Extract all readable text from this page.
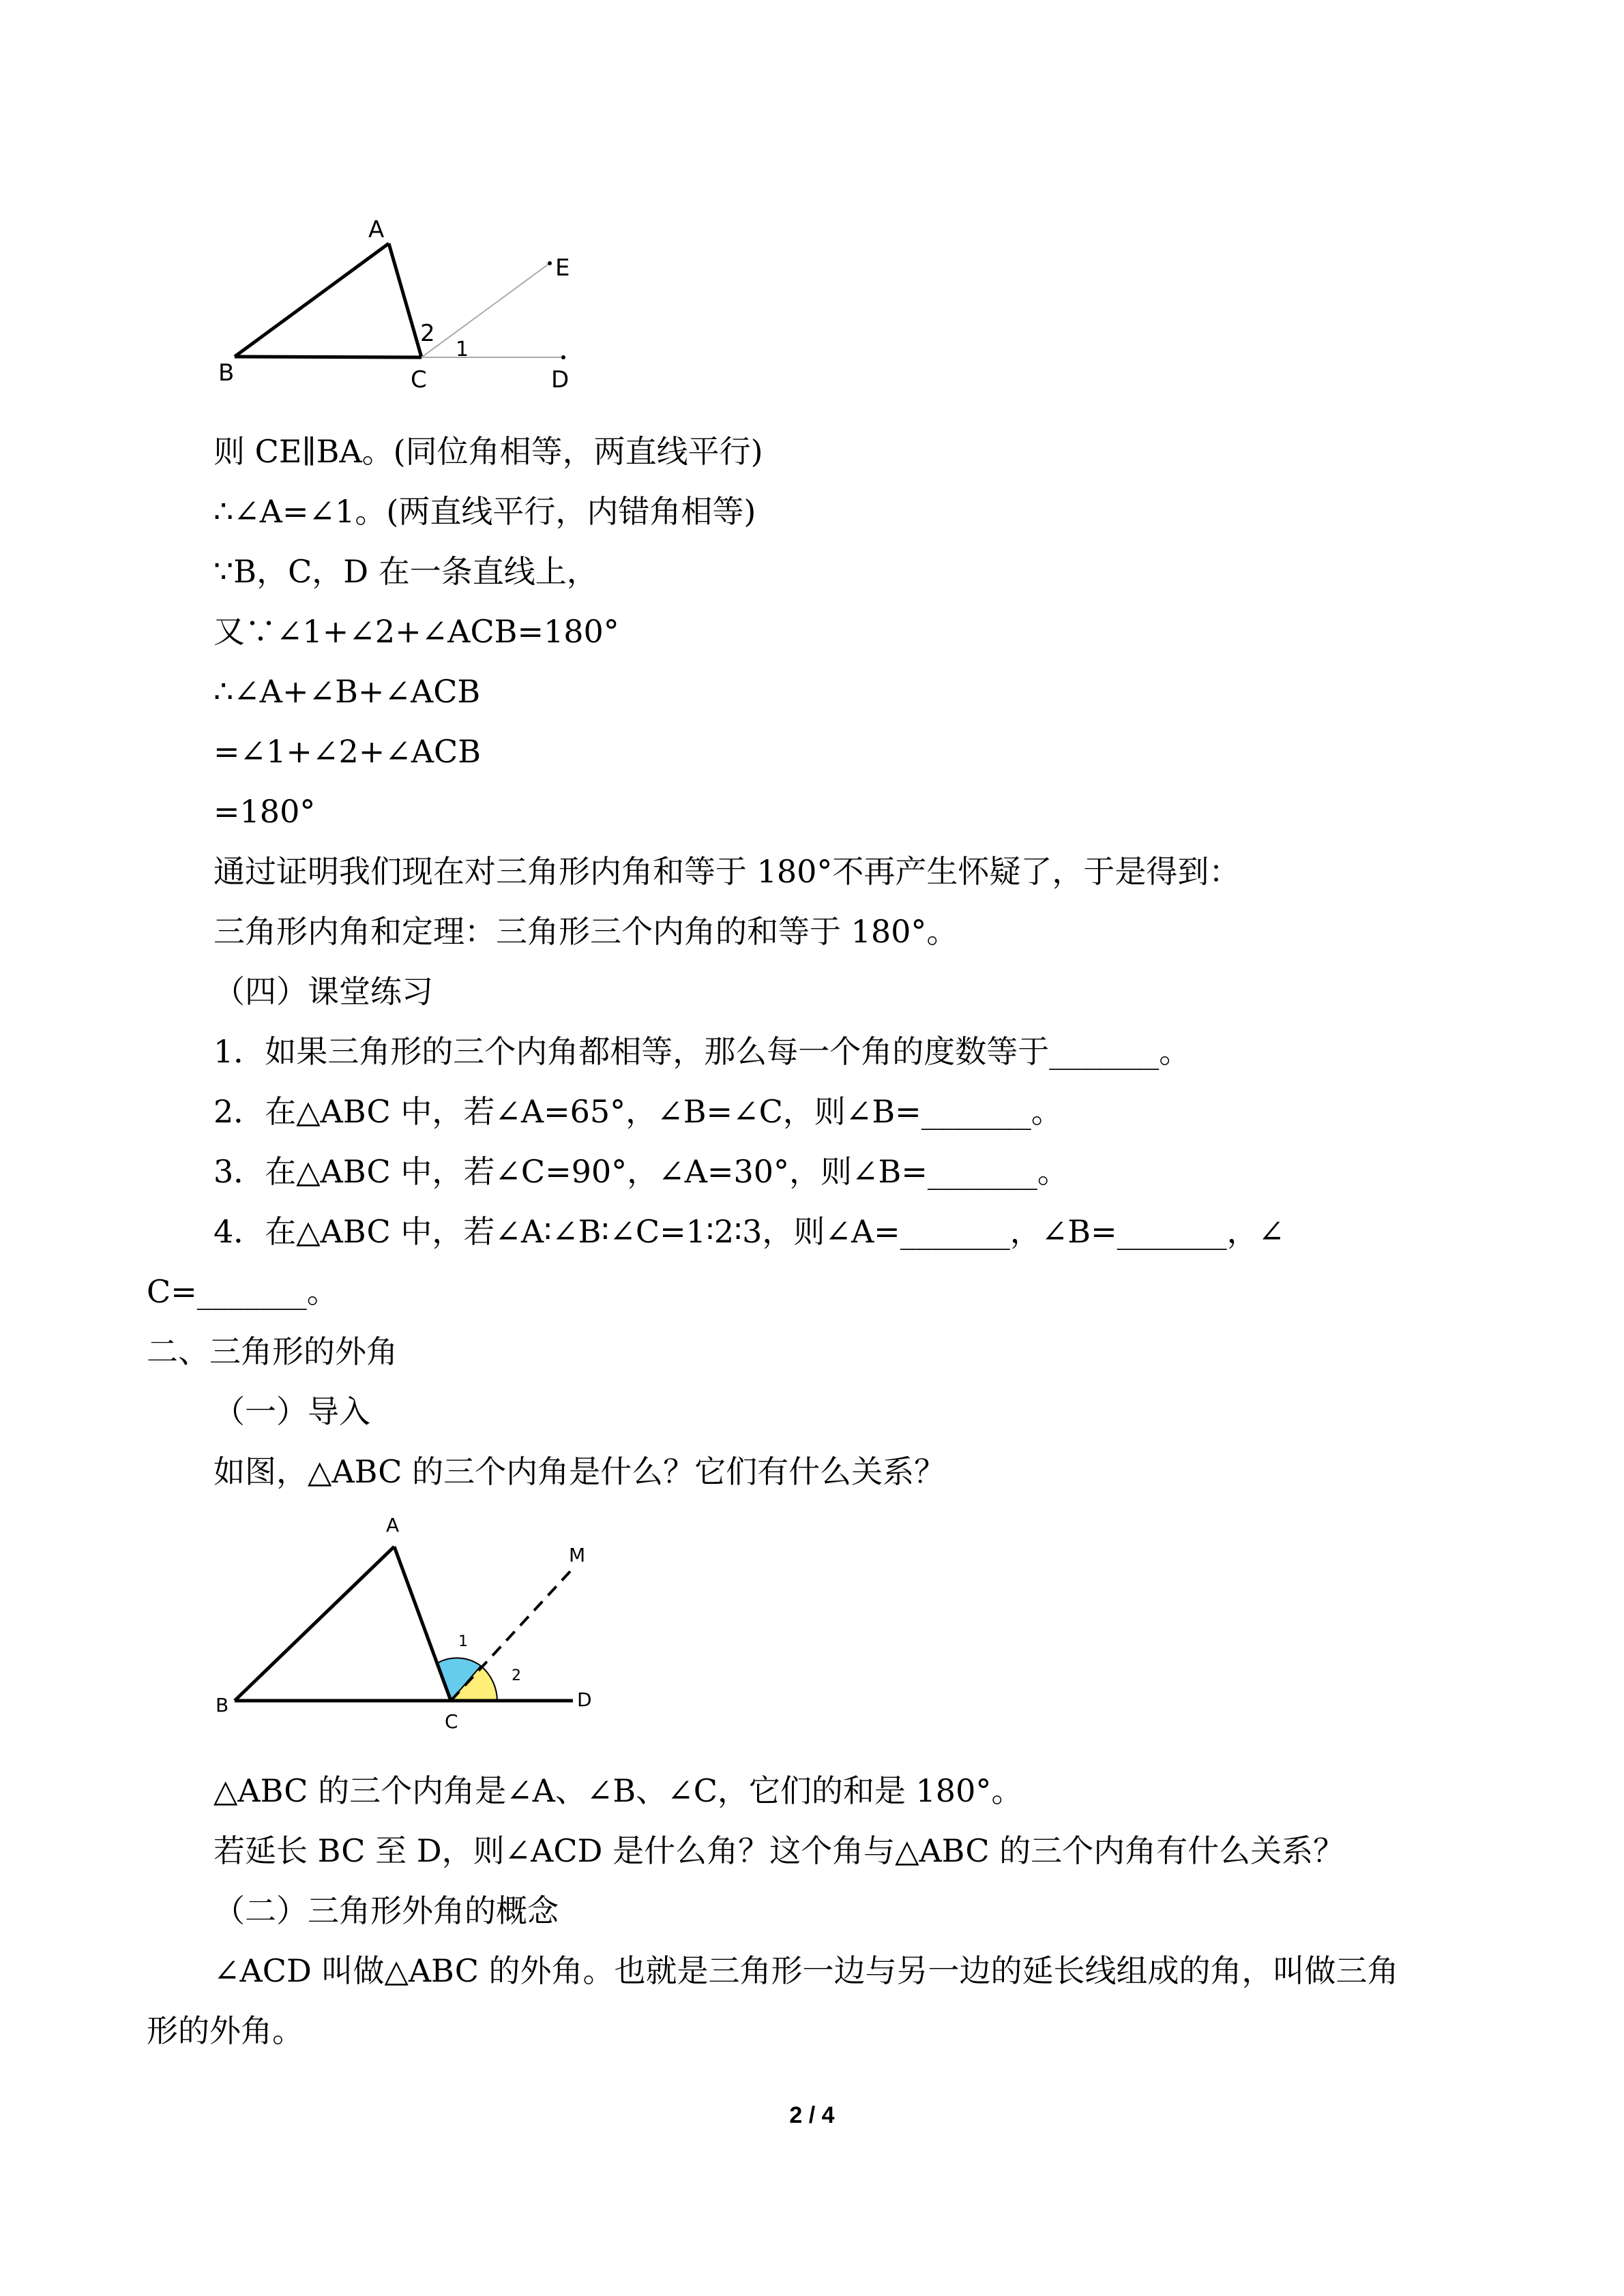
A
B	C	D
E
2
1
则 CE∥BA。(同位角相等，两直线平行)
∴∠A=∠1。(两直线平行，内错角相等)
∵B，C，D 在一条直线上，
又∵∠1+∠2+∠ACB=180°
∴∠A+∠B+∠ACB
=∠1+∠2+∠ACB
=180°
通过证明我们现在对三角形内角和等于 180°不再产生怀疑了，于是得到：
三角形内角和定理：三角形三个内角的和等于 180°。
（四）课堂练习
1．如果三角形的三个内角都相等，那么每一个角的度数等于_______。
2．在△ABC 中，若∠A=65°，∠B=∠C，则∠B=_______。
3．在△ABC 中，若∠C=90°，∠A=30°，则∠B=_______。
4．在△ABC 中，若∠A∶∠B∶∠C=1∶2∶3，则∠A=_______，∠B=_______，∠
C=_______。
二、三角形的外角
（一）导入
如图，△ABC 的三个内角是什么？它们有什么关系？
A
B
C
D
M
1
2
△ABC 的三个内角是∠A、∠B、∠C，它们的和是 180°。
若延长 BC 至 D，则∠ACD 是什么角？这个角与△ABC 的三个内角有什么关系？
（二）三角形外角的概念
∠ACD 叫做△ABC 的外角。也就是三角形一边与另一边的延长线组成的角，叫做三角
形的外角。
2 / 4
